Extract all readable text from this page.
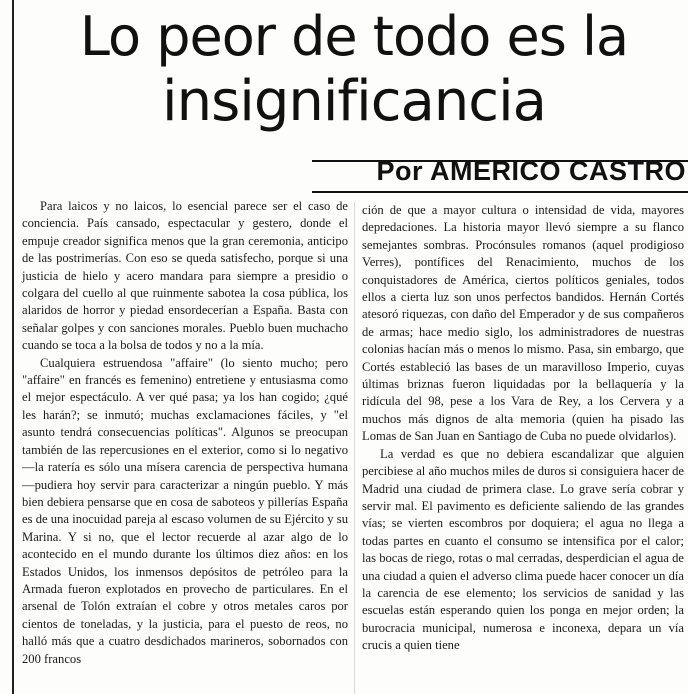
Lo peor de todo es la
insignificancia
Por AMERICO CASTRO

Para laicos y no laicos, lo esencial parece ser el caso de conciencia. País cansado, espectacular y gestero, donde el empuje creador significa menos que la gran ceremonia, anticipo de las postrimerías. Con eso se queda satisfecho, porque si una justicia de hielo y acero mandara para siempre a presidio o colgara del cuello al que ruinmente sabotea la cosa pública, los alaridos de horror y piedad ensordecerían a España. Basta con señalar golpes y con sanciones morales. Pueblo buen muchacho cuando se toca a la bolsa de todos y no a la mía.

Cualquiera estruendosa "affaire" (lo siento mucho; pero "affaire" en francés es femenino) entretiene y entusiasma como el mejor espectáculo. A ver qué pasa; ya los han cogido; ¿qué les harán?; se inmutó; muchas exclamaciones fáciles, y "el asunto tendrá consecuencias políticas". Algunos se preocupan también de las repercusiones en el exterior, como si lo negativo—la ratería es sólo una mísera carencia de perspectiva humana—pudiera hoy servir para caracterizar a ningún pueblo. Y más bien debiera pensarse que en cosa de saboteos y pillerías España es de una inocuidad pareja al escaso volumen de su Ejército y su Marina. Y si no, que el lector recuerde al azar algo de lo acontecido en el mundo durante los últimos diez años: en los Estados Unidos, los inmensos depósitos de petróleo para la Armada fueron explotados en provecho de particulares. En el arsenal de Tolón extraían el cobre y otros metales caros por cientos de toneladas, y la justicia, para el puesto de reos, no halló más que a cuatro desdichados marineros, sobornados con 200 francos

ción de que a mayor cultura o intensidad de vida, mayores depredaciones. La historia mayor llevó siempre a su flanco semejantes sombras. Procónsules romanos (aquel prodigioso Verres), pontífices del Renacimiento, muchos de los conquistadores de América, ciertos políticos geniales, todos ellos a cierta luz son unos perfectos bandidos. Hernán Cortés atesoró riquezas, con daño del Emperador y de sus compañeros de armas; hace medio siglo, los administradores de nuestras colonias hacían más o menos lo mismo. Pasa, sin embargo, que Cortés estableció las bases de un maravilloso Imperio, cuyas últimas briznas fueron liquidadas por la bellaquería y la ridícula del 98, pese a los Vara de Rey, a los Cervera y a muchos más dignos de alta memoria (quien ha pisado las Lomas de San Juan en Santiago de Cuba no puede olvidarlos).

La verdad es que no debiera escandalizar que alguien percibiese al año muchos miles de duros si consiguiera hacer de Madrid una ciudad de primera clase. Lo grave sería cobrar y servir mal. El pavimento es deficiente saliendo de las grandes vías; se vierten escombros por doquiera; el agua no llega a todas partes en cuanto el consumo se intensifica por el calor; las bocas de riego, rotas o mal cerradas, desperdician el agua de una ciudad a quien el adverso clima puede hacer conocer un día la carencia de ese elemento; los servicios de sanidad y las escuelas están esperando quien los ponga en mejor orden; la burocracia municipal, numerosa e inconexa, depara un vía crucis a quien tiene
